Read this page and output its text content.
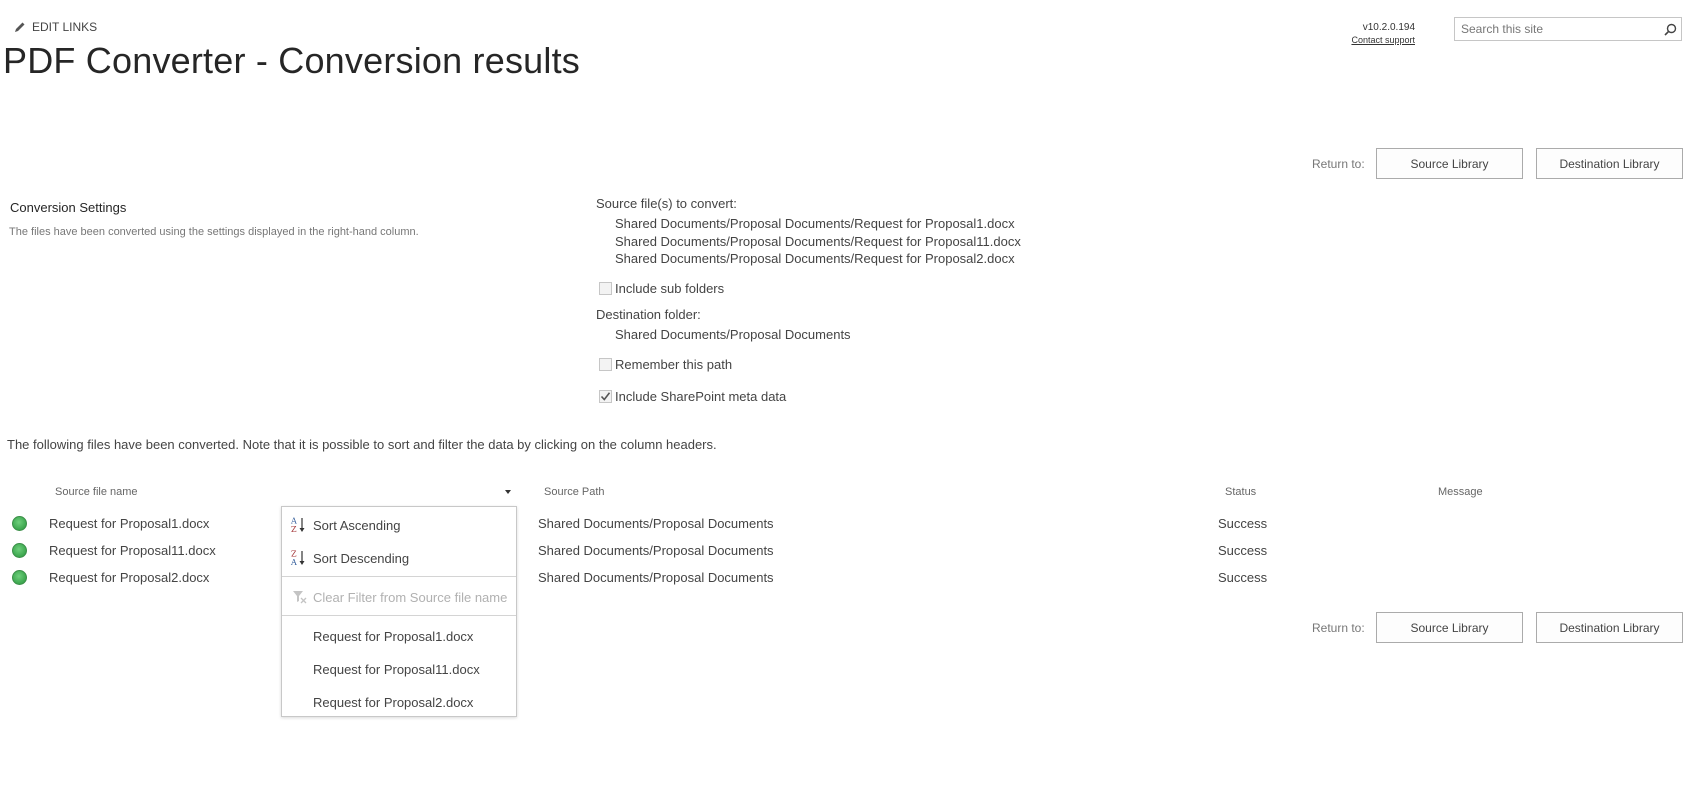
EDIT LINKS
PDF Converter - Conversion results
v10.2.0.194
Contact support
Search this site
Return to:	Source Library	Destination Library
Conversion Settings
The files have been converted using the settings displayed in the right-hand column.
Source file(s) to convert:
Shared Documents/Proposal Documents/Request for Proposal1.docx
Shared Documents/Proposal Documents/Request for Proposal11.docx
Shared Documents/Proposal Documents/Request for Proposal2.docx
Include sub folders
Destination folder:
Shared Documents/Proposal Documents
Remember this path
Include SharePoint meta data
The following files have been converted. Note that it is possible to sort and filter the data by clicking on the column headers.
Source file name	Source Path	Status	Message
Request for Proposal1.docx	Shared Documents/Proposal Documents	Success
Request for Proposal11.docx	Shared Documents/Proposal Documents	Success
Request for Proposal2.docx	Shared Documents/Proposal Documents	Success
Return to:	Source Library	Destination Library
A
Z Sort Ascending
Z
A Sort Descending
Clear Filter from Source file name
Request for Proposal1.docx
Request for Proposal11.docx
Request for Proposal2.docx
